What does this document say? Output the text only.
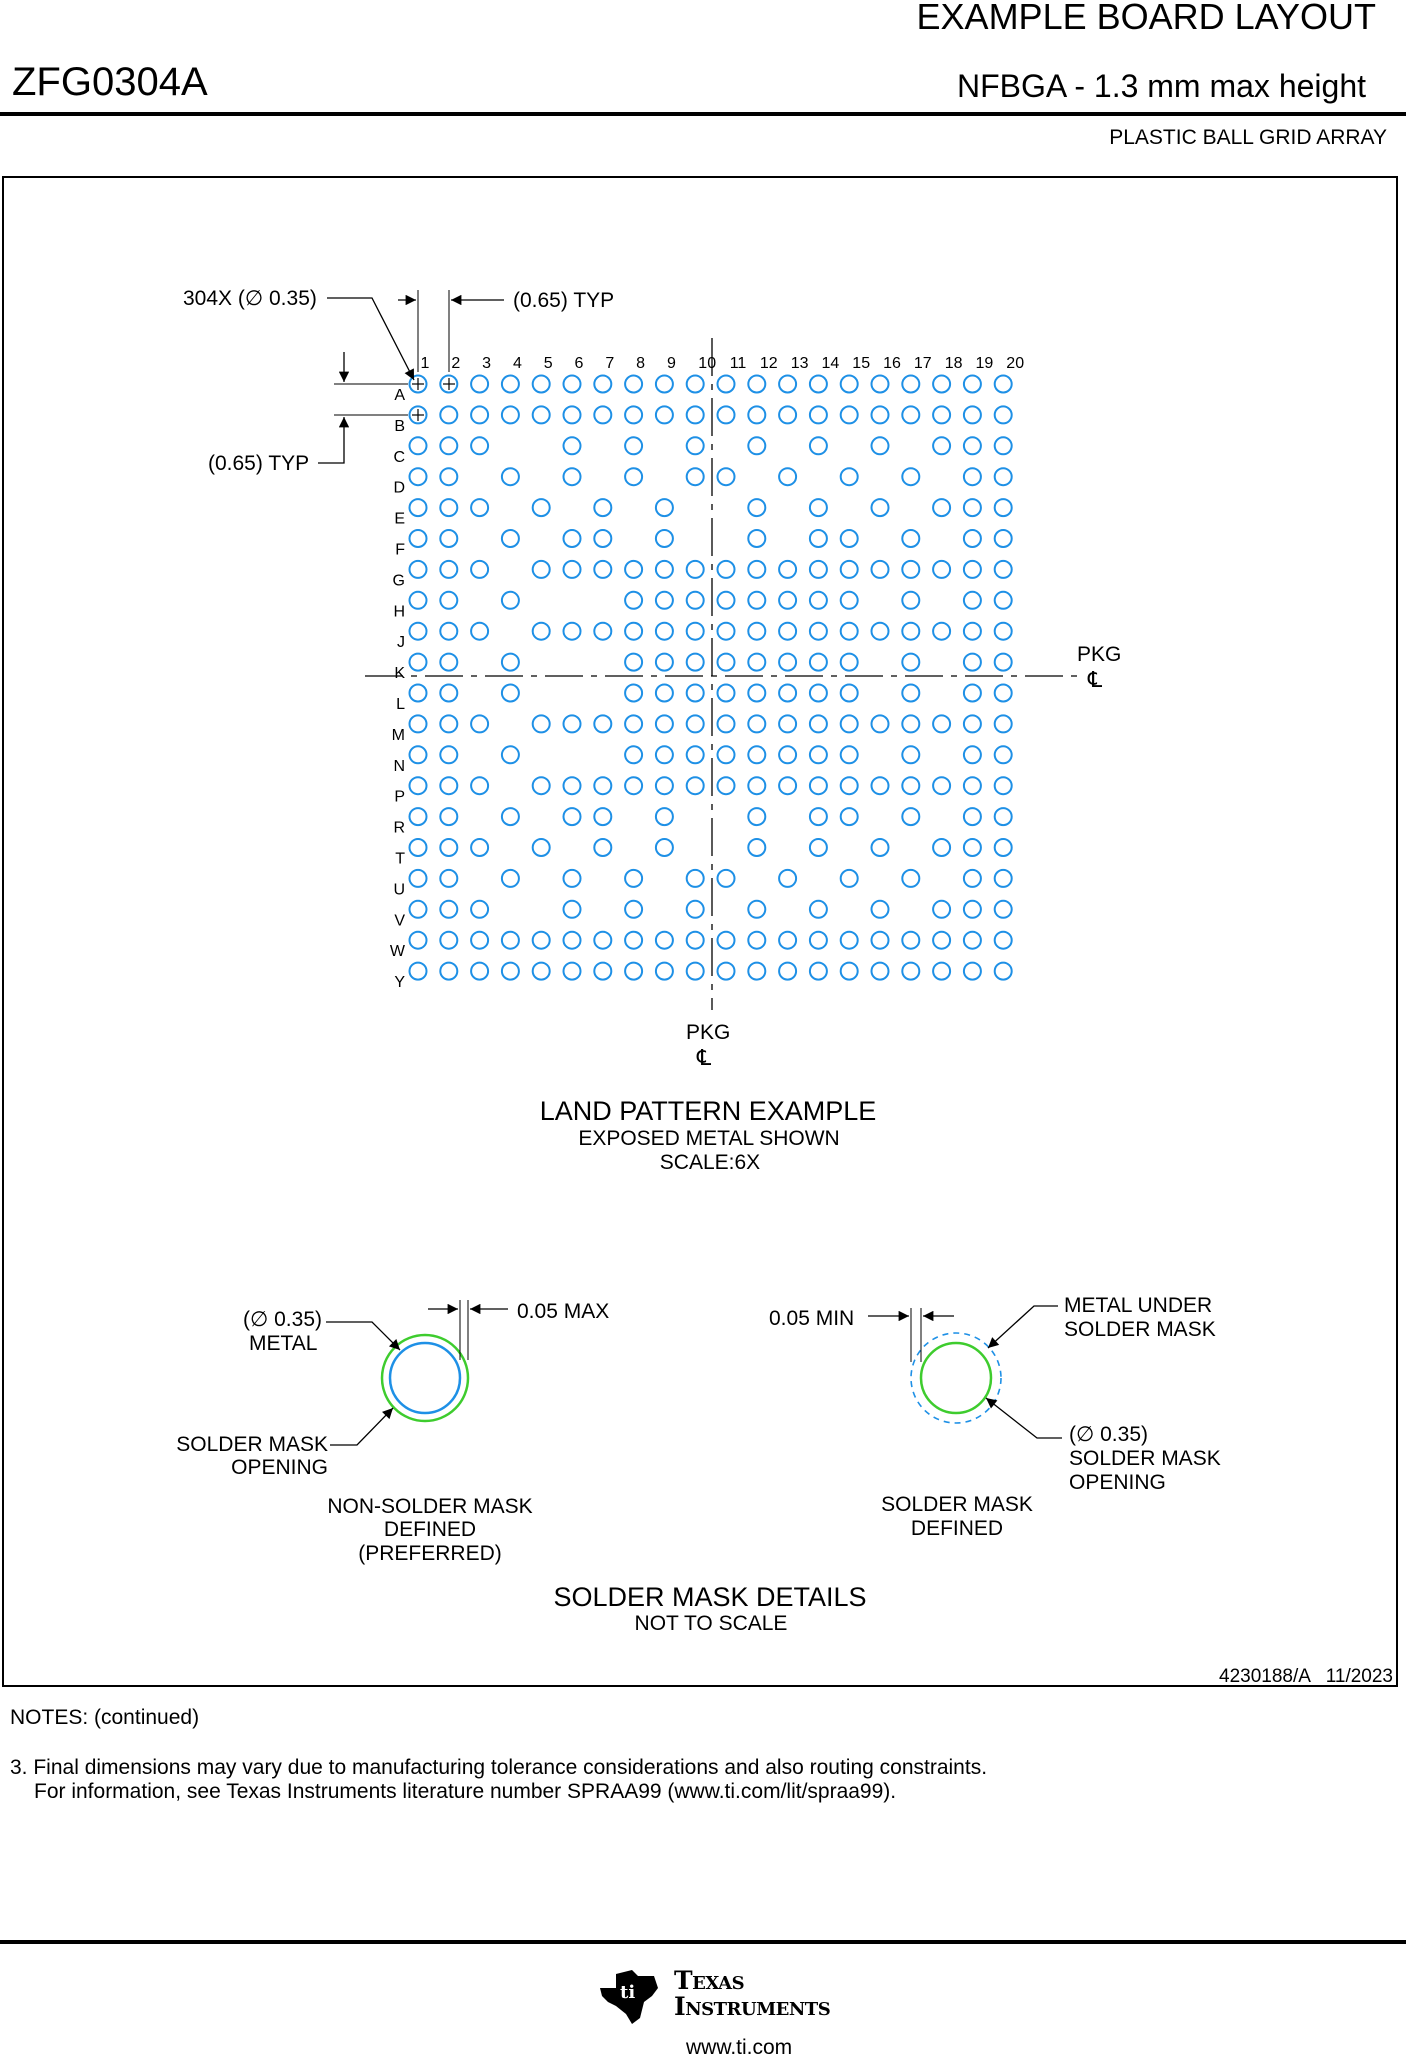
EXAMPLE BOARD LAYOUT
ZFG0304A	NFBGA - 1.3 mm max height
PLASTIC BALL GRID ARRAY
1 2 3 4 5 6 7 8 9 10 11 12 13 14 15 16 17 18 19 20
A
B
C
D
E
F
G
H
J
K
L
M
N
P
R
T
U
V
W
Y
304X (∅ 0.35)	(0.65) TYP
(0.65) TYP
PKG
℄
PKG
℄
LAND PATTERN EXAMPLE
EXPOSED METAL SHOWN
SCALE:6X
0.05 MAX
(∅ 0.35)
METAL
SOLDER MASK
OPENING
NON-SOLDER MASK
DEFINED
(PREFERRED)
0.05 MIN
METAL UNDER
SOLDER MASK
(∅ 0.35)
SOLDER MASK
OPENING
SOLDER MASK
DEFINED
SOLDER MASK DETAILS
NOT TO SCALE
4230188/A   11/2023
NOTES: (continued)
3. Final dimensions may vary due to manufacturing tolerance considerations and also routing constraints.
For information, see Texas Instruments literature number SPRAA99 (www.ti.com/lit/spraa99).
ti Texas
Instruments
www.ti.com
